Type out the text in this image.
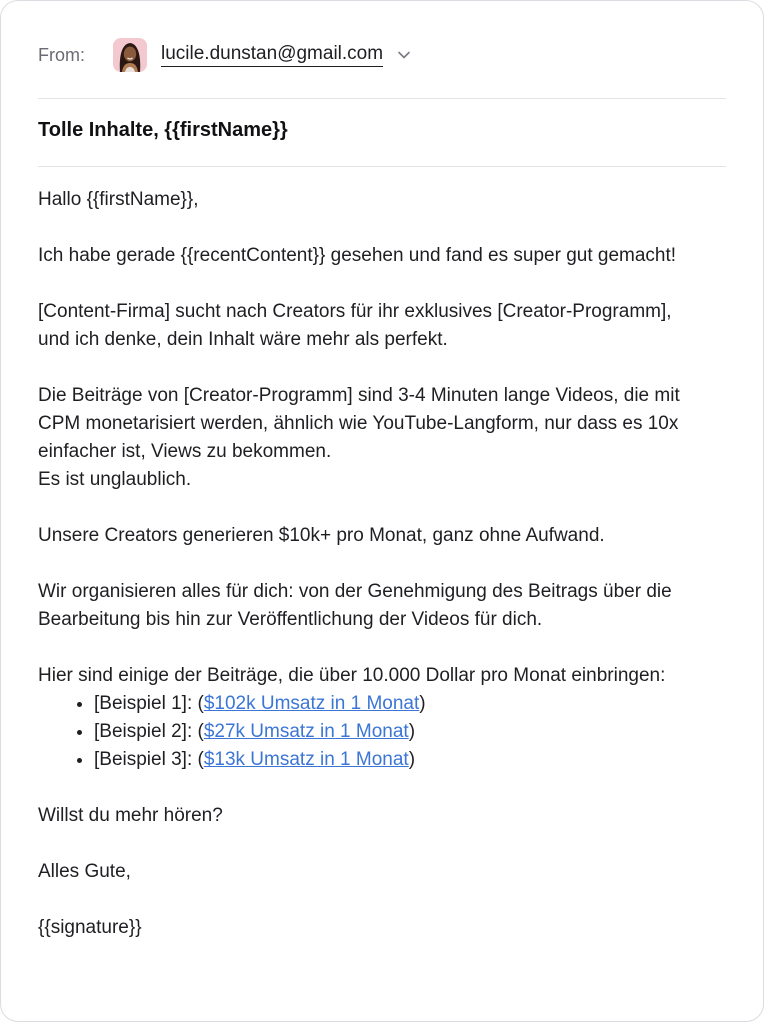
From:	lucile.dunstan@gmail.com
Tolle Inhalte, {{firstName}}

Hallo {{firstName}},

Ich habe gerade {{recentContent}} gesehen und fand es super gut gemacht!

[Content-Firma] sucht nach Creators für ihr exklusives [Creator-Programm], und ich denke, dein Inhalt wäre mehr als perfekt.

Die Beiträge von [Creator-Programm] sind 3-4 Minuten lange Videos, die mit CPM monetarisiert werden, ähnlich wie YouTube-Langform, nur dass es 10x einfacher ist, Views zu bekommen.

Es ist unglaublich.

Unsere Creators generieren $10k+ pro Monat, ganz ohne Aufwand.

Wir organisieren alles für dich: von der Genehmigung des Beitrags über die Bearbeitung bis hin zur Veröffentlichung der Videos für dich.

Hier sind einige der Beiträge, die über 10.000 Dollar pro Monat einbringen:

• [Beispiel 1]: ($102k Umsatz in 1 Monat)
• [Beispiel 2]: ($27k Umsatz in 1 Monat)
• [Beispiel 3]: ($13k Umsatz in 1 Monat)

Willst du mehr hören?

Alles Gute,

{{signature}}
